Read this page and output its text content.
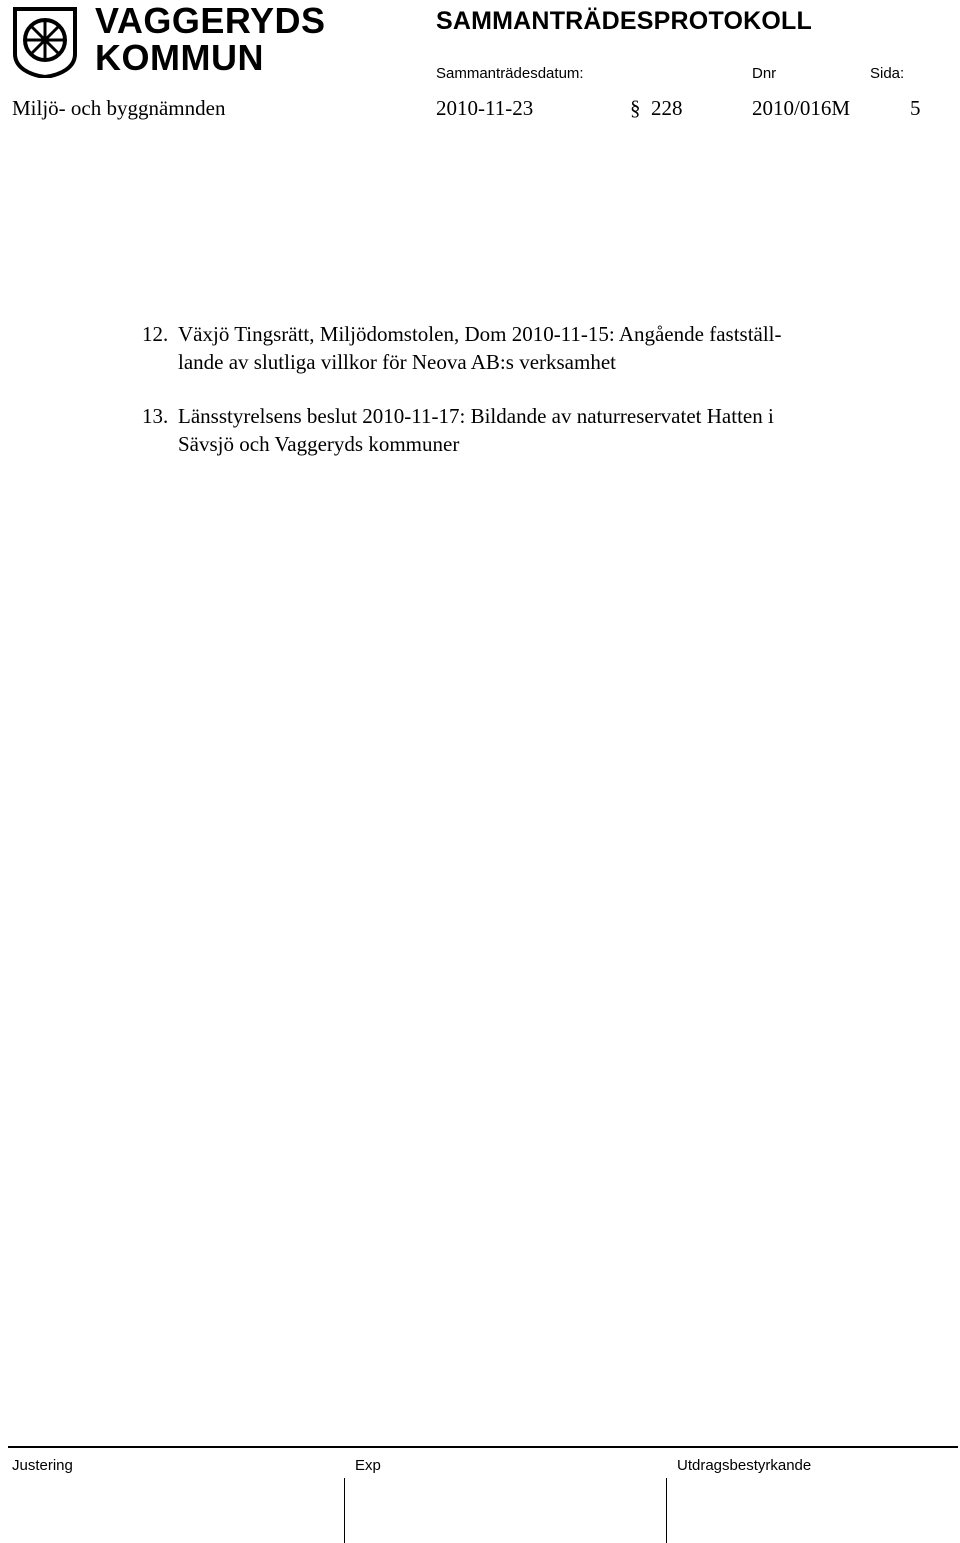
VAGGERYDS
KOMMUN
SAMMANTRÄDESPROTOKOLL
Sammanträdesdatum:	Dnr	Sida:
Miljö- och byggnämnden	2010-11-23	§ 228	2010/016M	5
12. Växjö Tingsrätt, Miljödomstolen, Dom 2010-11-15: Angående fastställ-
lande av slutliga villkor för Neova AB:s verksamhet
13. Länsstyrelsens beslut 2010-11-17: Bildande av naturreservatet Hatten i
Sävsjö och Vaggeryds kommuner
Justering	Exp	Utdragsbestyrkande
